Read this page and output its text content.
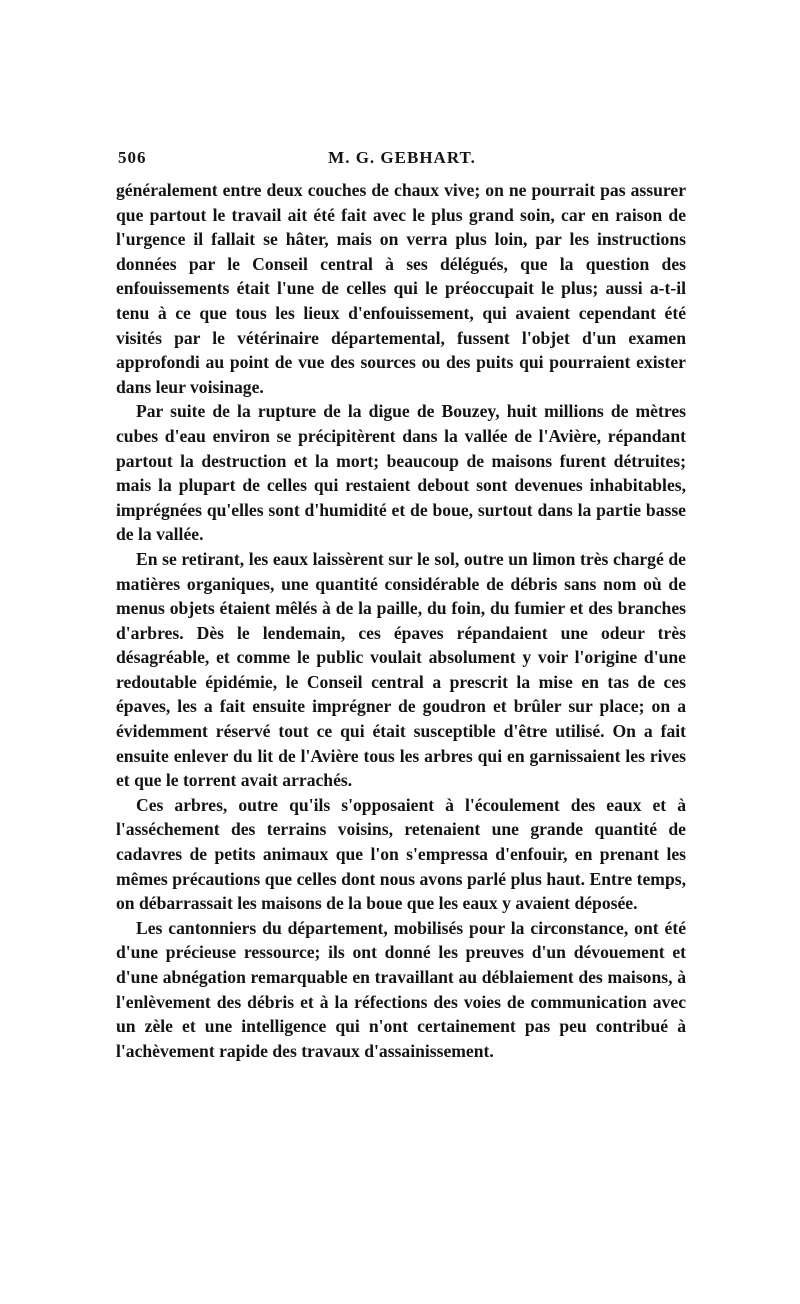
506	M. G. GEBHART.

généralement entre deux couches de chaux vive; on ne pourrait pas assurer que partout le travail ait été fait avec le plus grand soin, car en raison de l'urgence il fallait se hâter, mais on verra plus loin, par les instructions données par le Conseil central à ses délégués, que la question des enfouissements était l'une de celles qui le préoccupait le plus; aussi a-t-il tenu à ce que tous les lieux d'enfouissement, qui avaient cependant été visités par le vétérinaire départemental, fussent l'objet d'un examen approfondi au point de vue des sources ou des puits qui pourraient exister dans leur voisinage.

Par suite de la rupture de la digue de Bouzey, huit millions de mètres cubes d'eau environ se précipitèrent dans la vallée de l'Avière, répandant partout la destruction et la mort; beaucoup de maisons furent détruites; mais la plupart de celles qui restaient debout sont devenues inhabitables, imprégnées qu'elles sont d'humidité et de boue, surtout dans la partie basse de la vallée.

En se retirant, les eaux laissèrent sur le sol, outre un limon très chargé de matières organiques, une quantité considérable de débris sans nom où de menus objets étaient mêlés à de la paille, du foin, du fumier et des branches d'arbres. Dès le lendemain, ces épaves répandaient une odeur très désagréable, et comme le public voulait absolument y voir l'origine d'une redoutable épidémie, le Conseil central a prescrit la mise en tas de ces épaves, les a fait ensuite imprégner de goudron et brûler sur place; on a évidemment réservé tout ce qui était susceptible d'être utilisé. On a fait ensuite enlever du lit de l'Avière tous les arbres qui en garnissaient les rives et que le torrent avait arrachés.

Ces arbres, outre qu'ils s'opposaient à l'écoulement des eaux et à l'asséchement des terrains voisins, retenaient une grande quantité de cadavres de petits animaux que l'on s'empressa d'enfouir, en prenant les mêmes précautions que celles dont nous avons parlé plus haut. Entre temps, on débarrassait les maisons de la boue que les eaux y avaient déposée.

Les cantonniers du département, mobilisés pour la circonstance, ont été d'une précieuse ressource; ils ont donné les preuves d'un dévouement et d'une abnégation remarquable en travaillant au déblaiement des maisons, à l'enlèvement des débris et à la réfections des voies de communication avec un zèle et une intelligence qui n'ont certainement pas peu contribué à l'achèvement rapide des travaux d'assainissement.
